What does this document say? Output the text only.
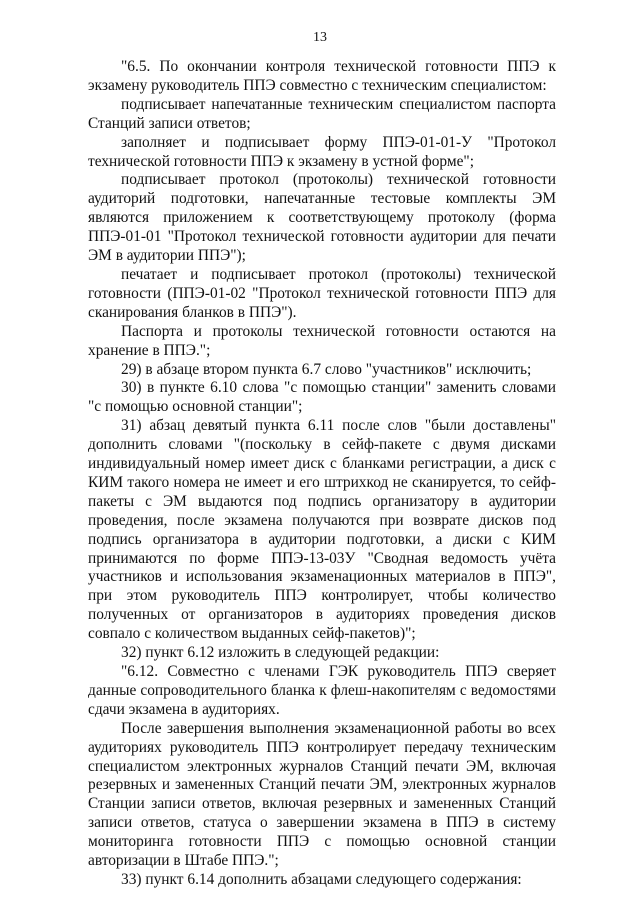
13

"6.5. По окончании контроля технической готовности ППЭ к экзамену руководитель ППЭ совместно с техническим специалистом:

подписывает напечатанные техническим специалистом паспорта Станций записи ответов;

заполняет и подписывает форму ППЭ-01-01-У "Протокол технической готовности ППЭ к экзамену в устной форме";

подписывает протокол (протоколы) технической готовности аудиторий подготовки, напечатанные тестовые комплекты ЭМ являются приложением к соответствующему протоколу (форма ППЭ-01-01 "Протокол технической готовности аудитории для печати ЭМ в аудитории ППЭ");

печатает и подписывает протокол (протоколы) технической готовности (ППЭ-01-02 "Протокол технической готовности ППЭ для сканирования бланков в ППЭ").

Паспорта и протоколы технической готовности остаются на хранение в ППЭ.";

29) в абзаце втором пункта 6.7 слово "участников" исключить;

30) в пункте 6.10 слова "с помощью станции" заменить словами "с помощью основной станции";

31) абзац девятый пункта 6.11 после слов "были доставлены" дополнить словами "(поскольку в сейф-пакете с двумя дисками индивидуальный номер имеет диск с бланками регистрации, а диск с КИМ такого номера не имеет и его штрихкод не сканируется, то сейф-пакеты с ЭМ выдаются под подпись организатору в аудитории проведения, после экзамена получаются при возврате дисков под подпись организатора в аудитории подготовки, а диски с КИМ принимаются по форме ППЭ-13-03У "Сводная ведомость учёта участников и использования экзаменационных материалов в ППЭ", при этом руководитель ППЭ контролирует, чтобы количество полученных от организаторов в аудиториях проведения дисков совпало с количеством выданных сейф-пакетов)";

32) пункт 6.12 изложить в следующей редакции:

"6.12. Совместно с членами ГЭК руководитель ППЭ сверяет данные сопроводительного бланка к флеш-накопителям с ведомостями сдачи экзамена в аудиториях.

После завершения выполнения экзаменационной работы во всех аудиториях руководитель ППЭ контролирует передачу техническим специалистом электронных журналов Станций печати ЭМ, включая резервных и замененных Станций печати ЭМ, электронных журналов Станции записи ответов, включая резервных и замененных Станций записи ответов, статуса о завершении экзамена в ППЭ в систему мониторинга готовности ППЭ с помощью основной станции авторизации в Штабе ППЭ.";

33) пункт 6.14 дополнить абзацами следующего содержания:
